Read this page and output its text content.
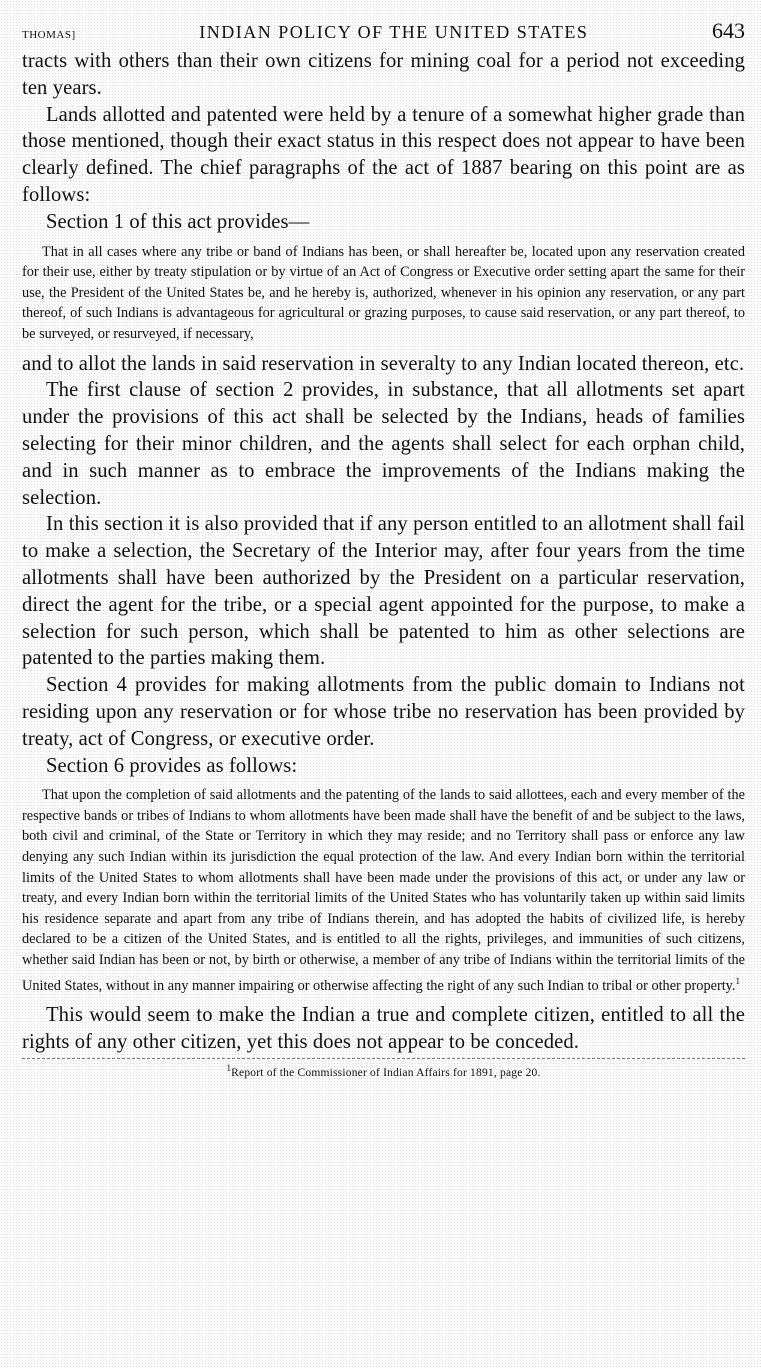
THOMAS]	INDIAN POLICY OF THE UNITED STATES	643

tracts with others than their own citizens for mining coal for a period not exceeding ten years.

Lands allotted and patented were held by a tenure of a somewhat higher grade than those mentioned, though their exact status in this respect does not appear to have been clearly defined. The chief paragraphs of the act of 1887 bearing on this point are as follows:

Section 1 of this act provides—

That in all cases where any tribe or band of Indians has been, or shall hereafter be, located upon any reservation created for their use, either by treaty stipulation or by virtue of an Act of Congress or Executive order setting apart the same for their use, the President of the United States be, and he hereby is, authorized, whenever in his opinion any reservation, or any part thereof, of such Indians is advantageous for agricultural or grazing purposes, to cause said reservation, or any part thereof, to be surveyed, or resurveyed, if necessary,

and to allot the lands in said reservation in severalty to any Indian located thereon, etc.

The first clause of section 2 provides, in substance, that all allotments set apart under the provisions of this act shall be selected by the Indians, heads of families selecting for their minor children, and the agents shall select for each orphan child, and in such manner as to embrace the improvements of the Indians making the selection.

In this section it is also provided that if any person entitled to an allotment shall fail to make a selection, the Secretary of the Interior may, after four years from the time allotments shall have been authorized by the President on a particular reservation, direct the agent for the tribe, or a special agent appointed for the purpose, to make a selection for such person, which shall be patented to him as other selections are patented to the parties making them.

Section 4 provides for making allotments from the public domain to Indians not residing upon any reservation or for whose tribe no reservation has been provided by treaty, act of Congress, or executive order.

Section 6 provides as follows:

That upon the completion of said allotments and the patenting of the lands to said allottees, each and every member of the respective bands or tribes of Indians to whom allotments have been made shall have the benefit of and be subject to the laws, both civil and criminal, of the State or Territory in which they may reside; and no Territory shall pass or enforce any law denying any such Indian within its jurisdiction the equal protection of the law. And every Indian born within the territorial limits of the United States to whom allotments shall have been made under the provisions of this act, or under any law or treaty, and every Indian born within the territorial limits of the United States who has voluntarily taken up within said limits his residence separate and apart from any tribe of Indians therein, and has adopted the habits of civilized life, is hereby declared to be a citizen of the United States, and is entitled to all the rights, privileges, and immunities of such citizens, whether said Indian has been or not, by birth or otherwise, a member of any tribe of Indians within the territorial limits of the United States, without in any manner impairing or otherwise affecting the right of any such Indian to tribal or other property.$^1$

This would seem to make the Indian a true and complete citizen, entitled to all the rights of any other citizen, yet this does not appear to be conceded.

$^1$Report of the Commissioner of Indian Affairs for 1891, page 20.
